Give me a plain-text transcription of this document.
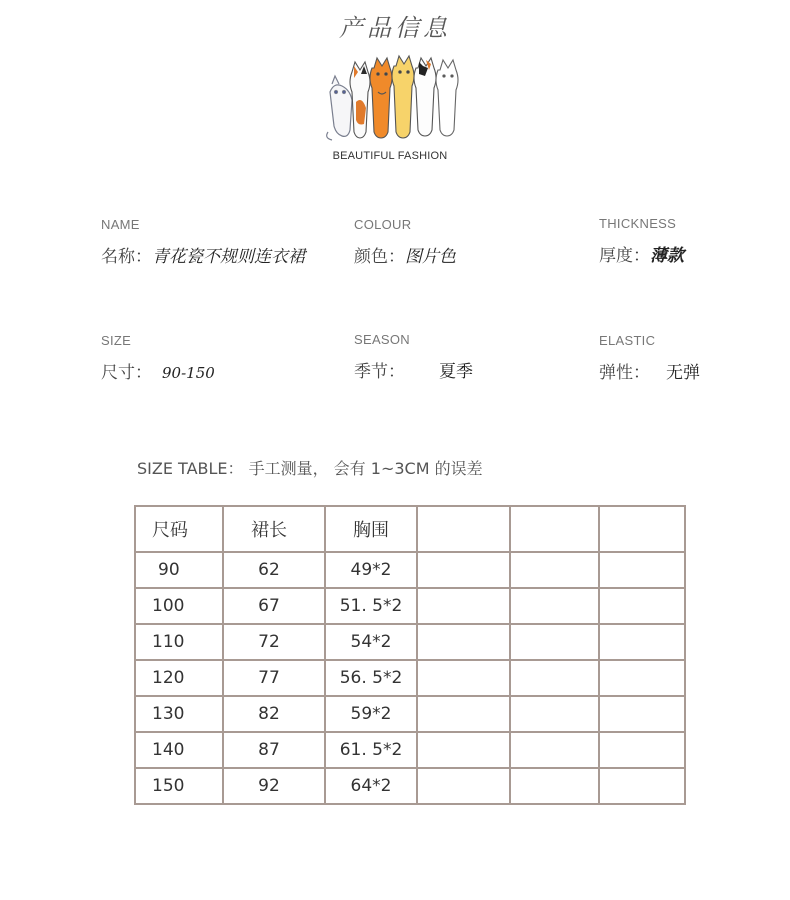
产品信息
BEAUTIFUL FASHION
NAME
名称：青花瓷不规则连衣裙
COLOUR
颜色：图片色
THICKNESS
厚度：薄款
SIZE
尺寸： 90-150
SEASON
季节： 夏季
ELASTIC
弹性： 无弹
SIZE TABLE： 手工测量， 会有 1~3CM 的误差
尺码	裙长	胸围			
90	62	49*2			
100	67	51. 5*2			
110	72	54*2			
120	77	56. 5*2			
130	82	59*2			
140	87	61. 5*2			
150	92	64*2			
